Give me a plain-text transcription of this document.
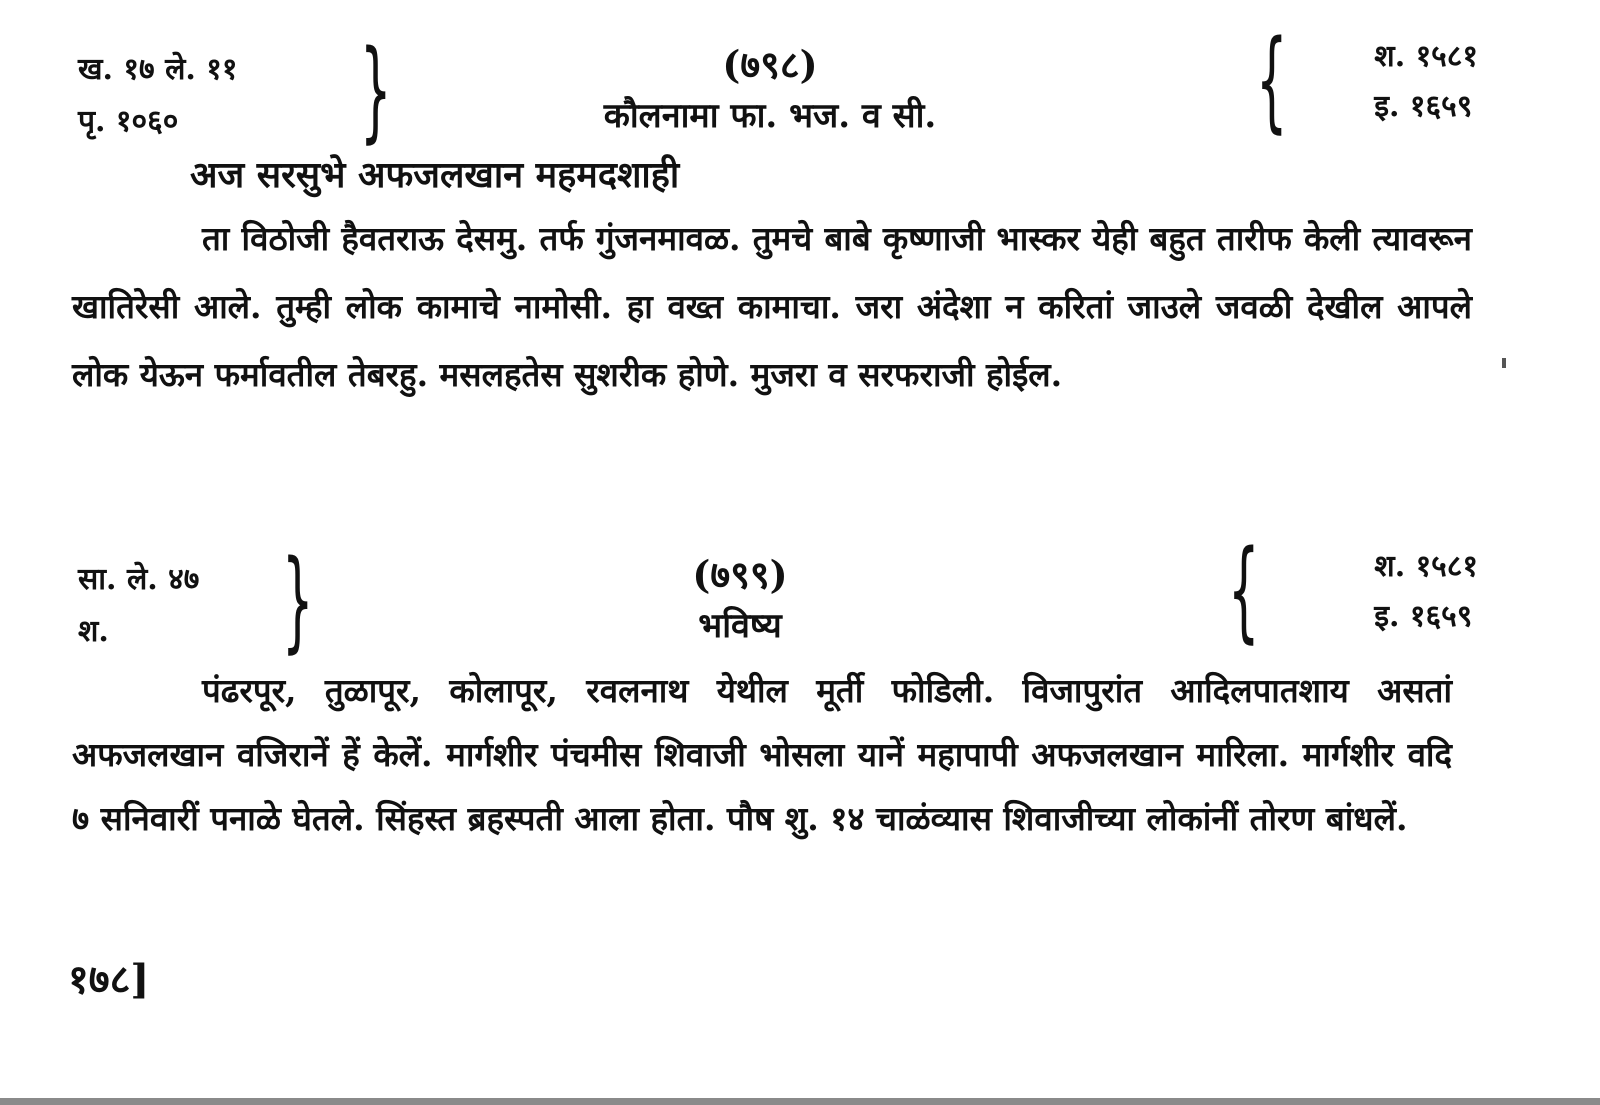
ख. १७ ले. ११
पृ. १०६०	}	(७९८)
कौलनामा फा. भज. व सी.	{	श. १५८१
इ. १६५९
अज सरसुभे अफजलखान महमदशाही

ता विठोजी हैवतराऊ देसमु. तर्फ गुंजनमावळ. तुमचे बाबे कृष्णाजी भास्कर येही बहुत तारीफ केली त्यावरून खातिरेसी आले. तुम्ही लोक कामाचे नामोसी. हा वख्त कामाचा. जरा अंदेशा न करितां जाउले जवळी देखील आपले लोक येऊन फर्मावतील तेबरहु. मसलहतेस सुशरीक होणे. मुजरा व सरफराजी होईल.

सा. ले. ४७
श.	}	(७९९)
भविष्य	{	श. १५८१
इ. १६५९

पंढरपूर, तुळापूर, कोलापूर, रवलनाथ येथील मूर्ती फोडिली. विजापुरांत आदिलपातशाय असतां अफजलखान वजिरानें हें केलें. मार्गशीर पंचमीस शिवाजी भोसला यानें महापापी अफजलखान मारिला. मार्गशीर वदि ७ सनिवारीं पनाळे घेतले. सिंहस्त ब्रहस्पती आला होता. पौष शु. १४ चाळंव्यास शिवाजीच्या लोकांनीं तोरण बांधलें.

१७८]
